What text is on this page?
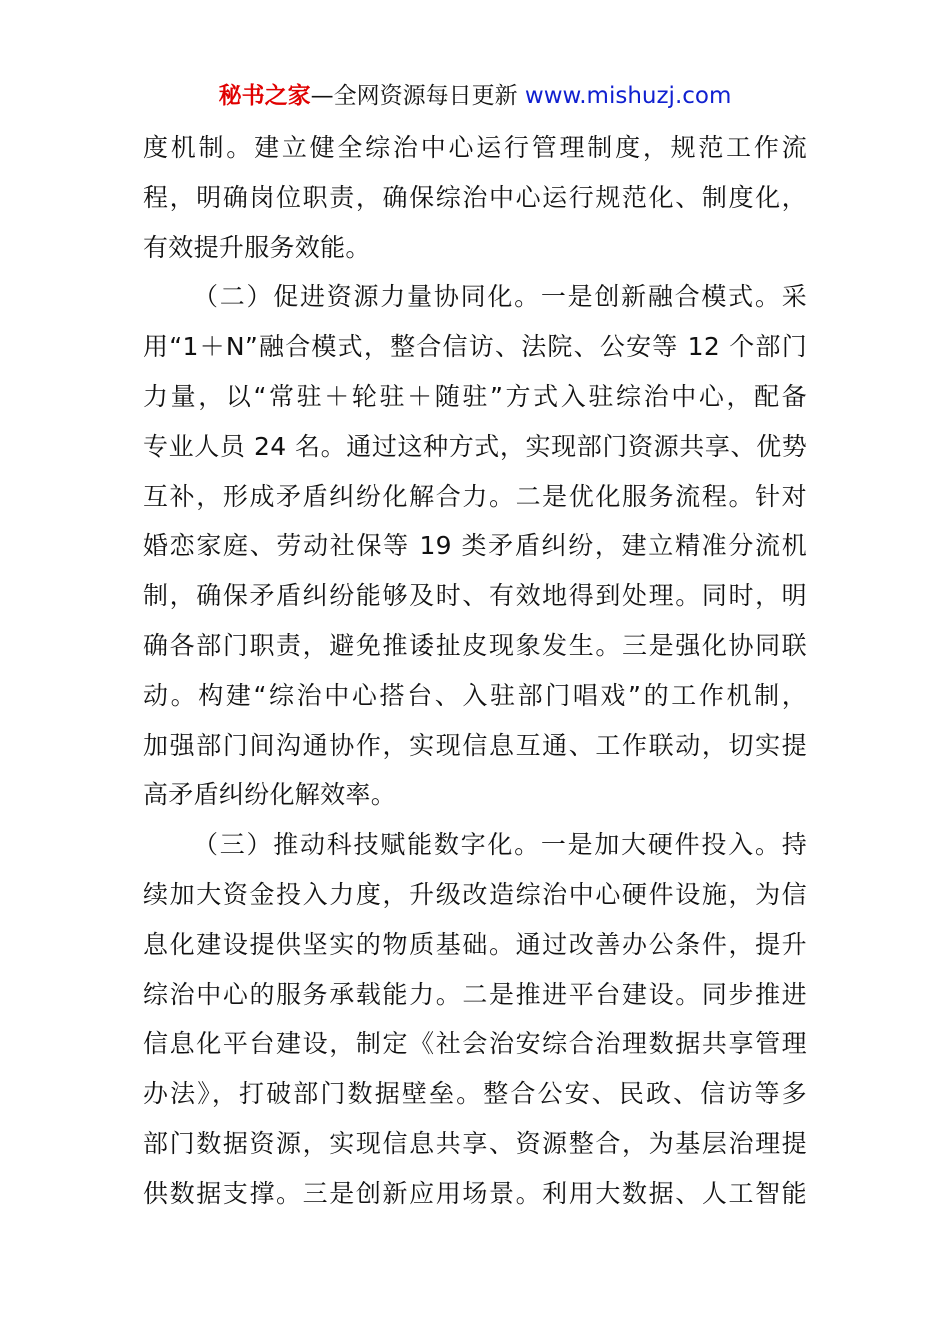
秘书之家—全网资源每日更新 www.mishuzj.com

度机制。建立健全综治中心运行管理制度，规范工作流
程，明确岗位职责，确保综治中心运行规范化、制度化，
有效提升服务效能。

（二）促进资源力量协同化。一是创新融合模式。采
用“1＋N”融合模式，整合信访、法院、公安等 12 个部门
力量，以“常驻＋轮驻＋随驻”方式入驻综治中心，配备
专业人员 24 名。通过这种方式，实现部门资源共享、优势
互补，形成矛盾纠纷化解合力。二是优化服务流程。针对
婚恋家庭、劳动社保等 19 类矛盾纠纷，建立精准分流机
制，确保矛盾纠纷能够及时、有效地得到处理。同时，明
确各部门职责，避免推诿扯皮现象发生。三是强化协同联
动。构建“综治中心搭台、入驻部门唱戏”的工作机制，
加强部门间沟通协作，实现信息互通、工作联动，切实提
高矛盾纠纷化解效率。

（三）推动科技赋能数字化。一是加大硬件投入。持
续加大资金投入力度，升级改造综治中心硬件设施，为信
息化建设提供坚实的物质基础。通过改善办公条件，提升
综治中心的服务承载能力。二是推进平台建设。同步推进
信息化平台建设，制定《社会治安综合治理数据共享管理
办法》，打破部门数据壁垒。整合公安、民政、信访等多
部门数据资源，实现信息共享、资源整合，为基层治理提
供数据支撑。三是创新应用场景。利用大数据、人工智能
